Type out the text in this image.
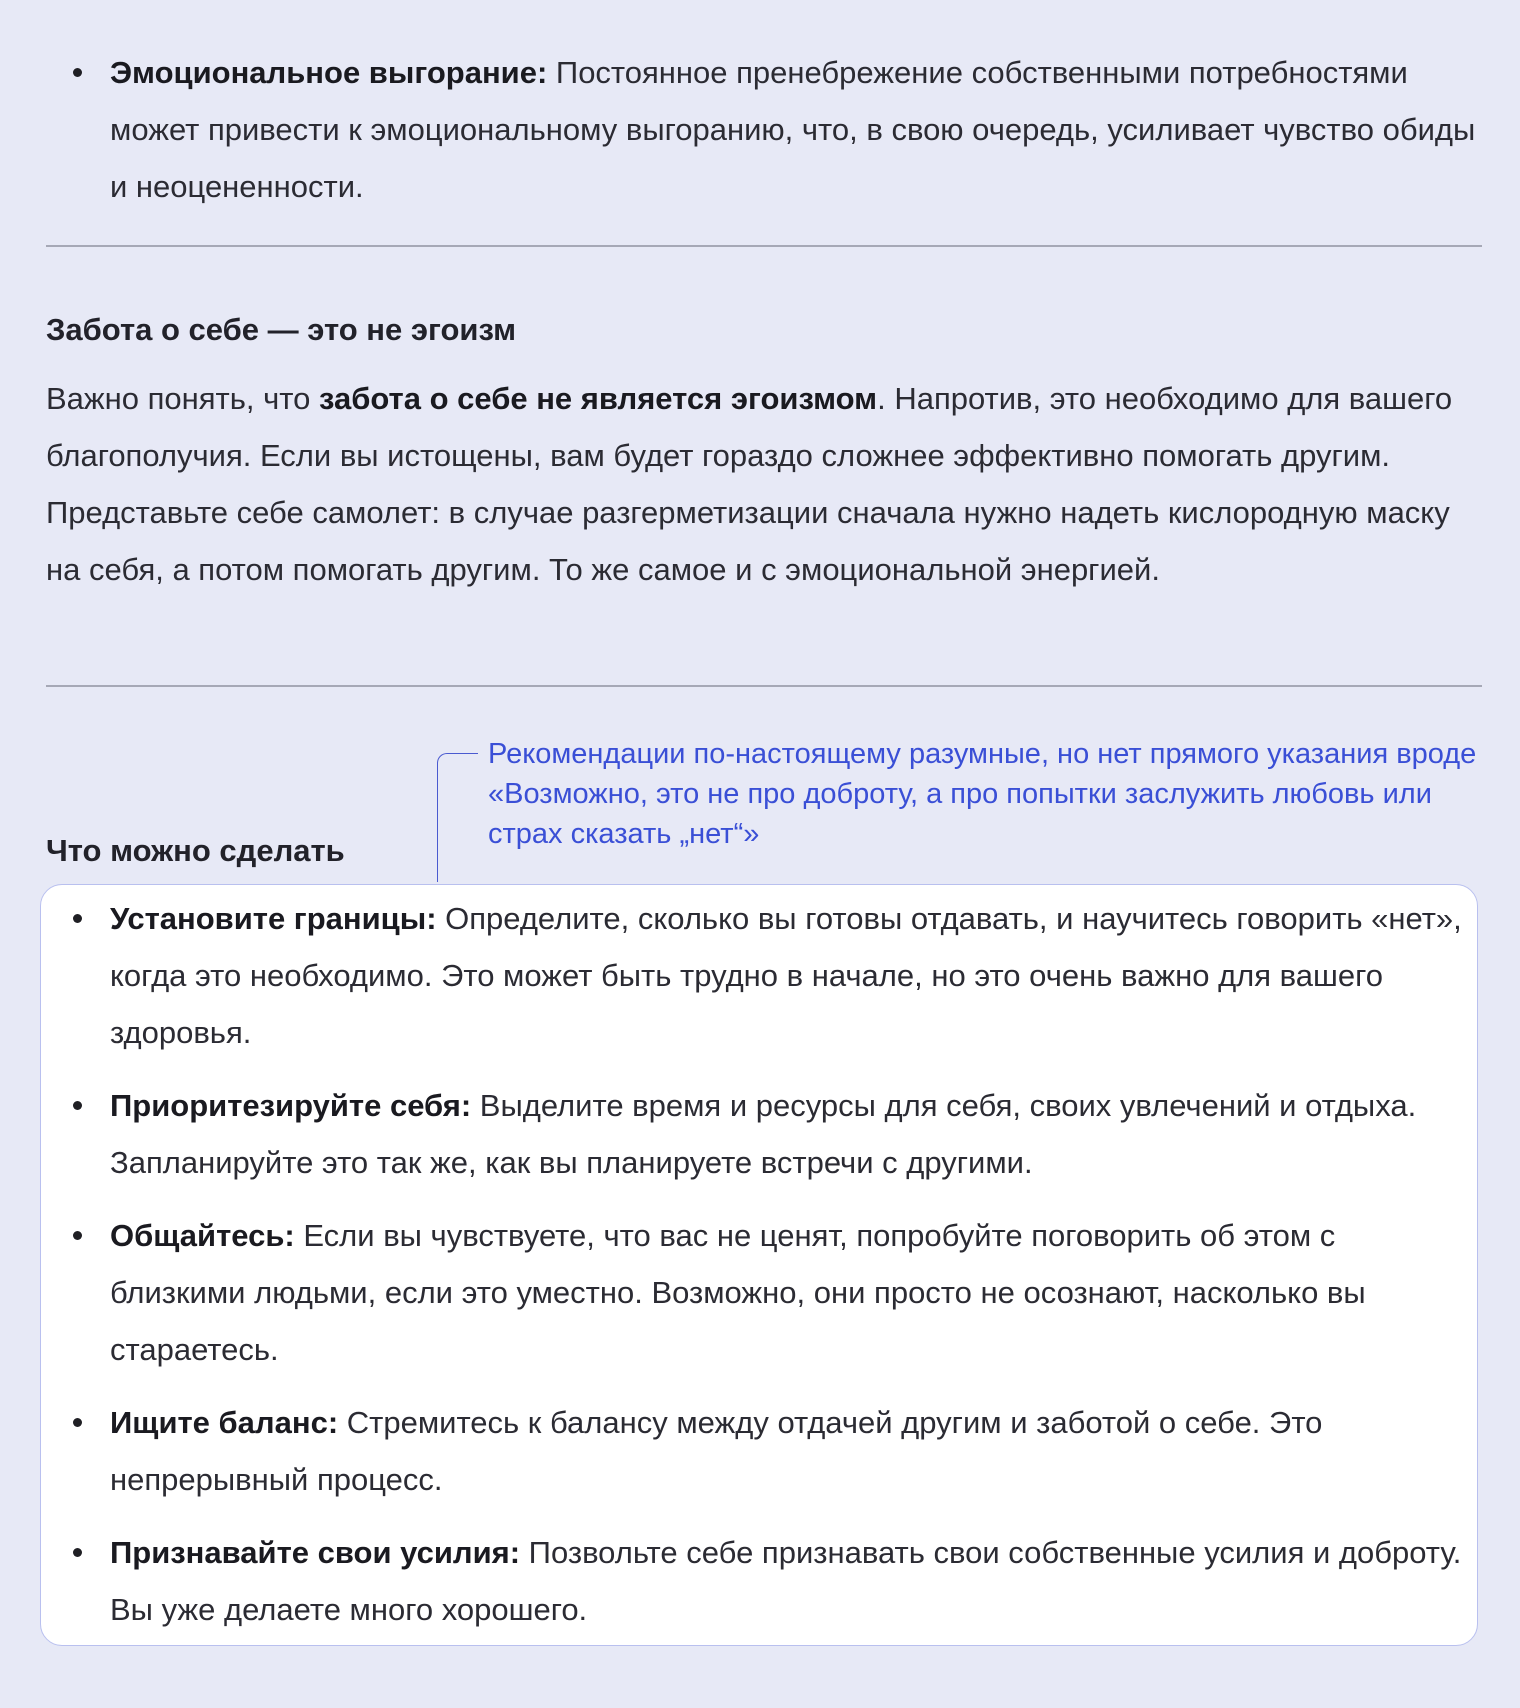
Эмоциональное выгорание: Постоянное пренебрежение собственными потребностями может привести к эмоциональному выгоранию, что, в свою очередь, усиливает чувство обиды и неоцененности.
Забота о себе — это не эгоизм

Важно понять, что забота о себе не является эгоизмом. Напротив, это необходимо для вашего благополучия. Если вы истощены, вам будет гораздо сложнее эффективно помогать другим. Представьте себе самолет: в случае разгерметизации сначала нужно надеть кислородную маску на себя, а потом помогать другим. То же самое и с эмоциональной энергией.

Что можно сделать
Рекомендации по-настоящему разумные, но нет прямого указания вроде «Возможно, это не про доброту, а про попытки заслужить любовь или страх сказать „нет“»
Установите границы: Определите, сколько вы готовы отдавать, и научитесь говорить «нет», когда это необходимо. Это может быть трудно в начале, но это очень важно для вашего здоровья.
Приоритезируйте себя: Выделите время и ресурсы для себя, своих увлечений и отдыха. Запланируйте это так же, как вы планируете встречи с другими.
Общайтесь: Если вы чувствуете, что вас не ценят, попробуйте поговорить об этом с близкими людьми, если это уместно. Возможно, они просто не осознают, насколько вы стараетесь.
Ищите баланс: Стремитесь к балансу между отдачей другим и заботой о себе. Это непрерывный процесс.
Признавайте свои усилия: Позвольте себе признавать свои собственные усилия и доброту. Вы уже делаете много хорошего.
